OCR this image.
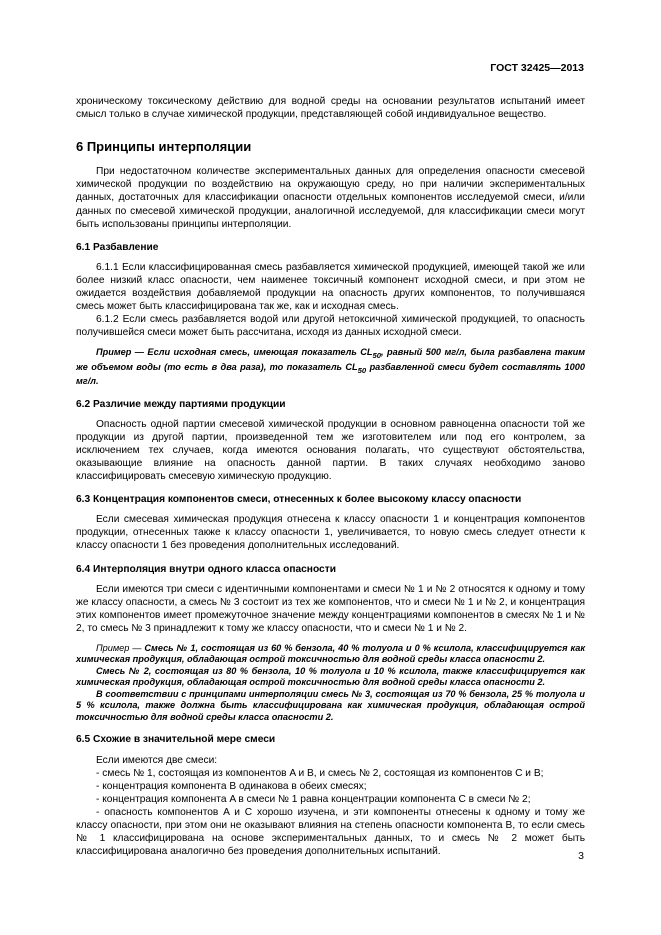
ГОСТ 32425—2013

хроническому токсическому действию для водной среды на основании результатов испытаний имеет смысл только в случае химической продукции, представляющей собой индивидуальное вещество.

6 Принципы интерполяции

При недостаточном количестве экспериментальных данных для определения опасности смесевой химической продукции по воздействию на окружающую среду, но при наличии экспериментальных данных, достаточных для классификации опасности отдельных компонентов исследуемой смеси, и/или данных по смесевой химической продукции, аналогичной исследуемой, для классификации смеси могут быть использованы принципы интерполяции.

6.1 Разбавление

6.1.1 Если классифицированная смесь разбавляется химической продукцией, имеющей такой же или более низкий класс опасности, чем наименее токсичный компонент исходной смеси, и при этом не ожидается воздействия добавляемой продукции на опасность других компонентов, то получившаяся смесь может быть классифицирована так же, как и исходная смесь.

6.1.2 Если смесь разбавляется водой или другой нетоксичной химической продукцией, то опасность получившейся смеси может быть рассчитана, исходя из данных исходной смеси.

Пример — Если исходная смесь, имеющая показатель $CL_{50}$, равный 500 мг/л, была разбавлена таким же объемом воды (то есть в два раза), то показатель $CL_{50}$ разбавленной смеси будет составлять 1000 мг/л.

6.2 Различие между партиями продукции

Опасность одной партии смесевой химической продукции в основном равноценна опасности той же продукции из другой партии, произведенной тем же изготовителем или под его контролем, за исключением тех случаев, когда имеются основания полагать, что существуют обстоятельства, оказывающие влияние на опасность данной партии. В таких случаях необходимо заново классифицировать смесевую химическую продукцию.

6.3 Концентрация компонентов смеси, отнесенных к более высокому классу опасности

Если смесевая химическая продукция отнесена к классу опасности 1 и концентрация компонентов продукции, отнесенных также к классу опасности 1, увеличивается, то новую смесь следует отнести к классу опасности 1 без проведения дополнительных исследований.

6.4 Интерполяция внутри одного класса опасности

Если имеются три смеси с идентичными компонентами и смеси № 1 и № 2 относятся к одному и тому же классу опасности, а смесь № 3 состоит из тех же компонентов, что и смеси № 1 и № 2, и концентрация этих компонентов имеет промежуточное значение между концентрациями компонентов в смесях № 1 и № 2, то смесь № 3 принадлежит к тому же классу опасности, что и смеси № 1 и № 2.

Пример — Смесь № 1, состоящая из 60 % бензола, 40 % толуола и 0 % ксилола, классифицируется как химическая продукция, обладающая острой токсичностью для водной среды класса опасности 2.

Смесь № 2, состоящая из 80 % бензола, 10 % толуола и 10 % ксилола, также классифицируется как химическая продукция, обладающая острой токсичностью для водной среды класса опасности 2.

В соответствии с принципами интерполяции смесь № 3, состоящая из 70 % бензола, 25 % толуола и 5 % ксилола, также должна быть классифицирована как химическая продукция, обладающая острой токсичностью для водной среды класса опасности 2.

6.5 Схожие в значительной мере смеси

Если имеются две смеси:

- смесь № 1, состоящая из компонентов A и B, и смесь № 2, состоящая из компонентов C и B;

- концентрация компонента B одинакова в обеих смесях;

- концентрация компонента A в смеси № 1 равна концентрации компонента C в смеси № 2;

- опасность компонентов A и C хорошо изучена, и эти компоненты отнесены к одному и тому же классу опасности, при этом они не оказывают влияния на степень опасности компонента B, то если смесь № 1 классифицирована на основе экспериментальных данных, то и смесь № 2 может быть классифицирована аналогично без проведения дополнительных испытаний.	3
